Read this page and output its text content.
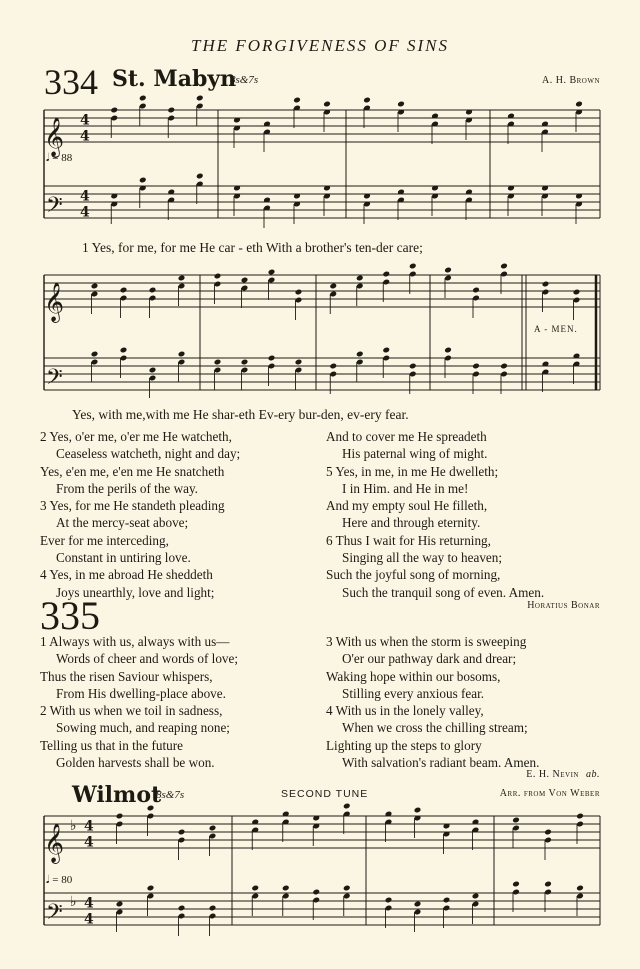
THE FORGIVENESS OF SINS
334 St. Mabyn
8s&7s	A. H. Brown
𝄞
𝄢
4
4
4
4
𝄞
𝄢
𝄞
𝄢
♭
♭
4
4
4
4
𝅘𝅥 = 88
1 Yes, for me, for me He car - eth With a brother's ten-der care;
A - MEN.
Yes, with me,with me He shar-eth Ev-ery bur-den, ev-ery fear.
2 Yes, o'er me, o'er me He watcheth,
Ceaseless watcheth, night and day;
Yes, e'en me, e'en me He snatcheth
From the perils of the way.
3 Yes, for me He standeth pleading
At the mercy-seat above;
Ever for me interceding,
Constant in untiring love.
4 Yes, in me abroad He sheddeth
Joys unearthly, love and light;
And to cover me He spreadeth
His paternal wing of might.
5 Yes, in me, in me He dwelleth;
I in Him. and He in me!
And my empty soul He filleth,
Here and through eternity.
6 Thus I wait for His returning,
Singing all the way to heaven;
Such the joyful song of morning,
Such the tranquil song of even. Amen.
Horatius Bonar
335
1 Always with us, always with us—
Words of cheer and words of love;
Thus the risen Saviour whispers,
From His dwelling-place above.
2 With us when we toil in sadness,
Sowing much, and reaping none;
Telling us that in the future
Golden harvests shall be won.
3 With us when the storm is sweeping
O'er our pathway dark and drear;
Waking hope within our bosoms,
Stilling every anxious fear.
4 With us in the lonely valley,
When we cross the chilling stream;
Lighting up the steps to glory
With salvation's radiant beam. Amen.
E. H. Nevin ab.
Wilmot
8s&7s	SECOND TUNE	Arr. from Von Weber
𝅘𝅥 = 80
